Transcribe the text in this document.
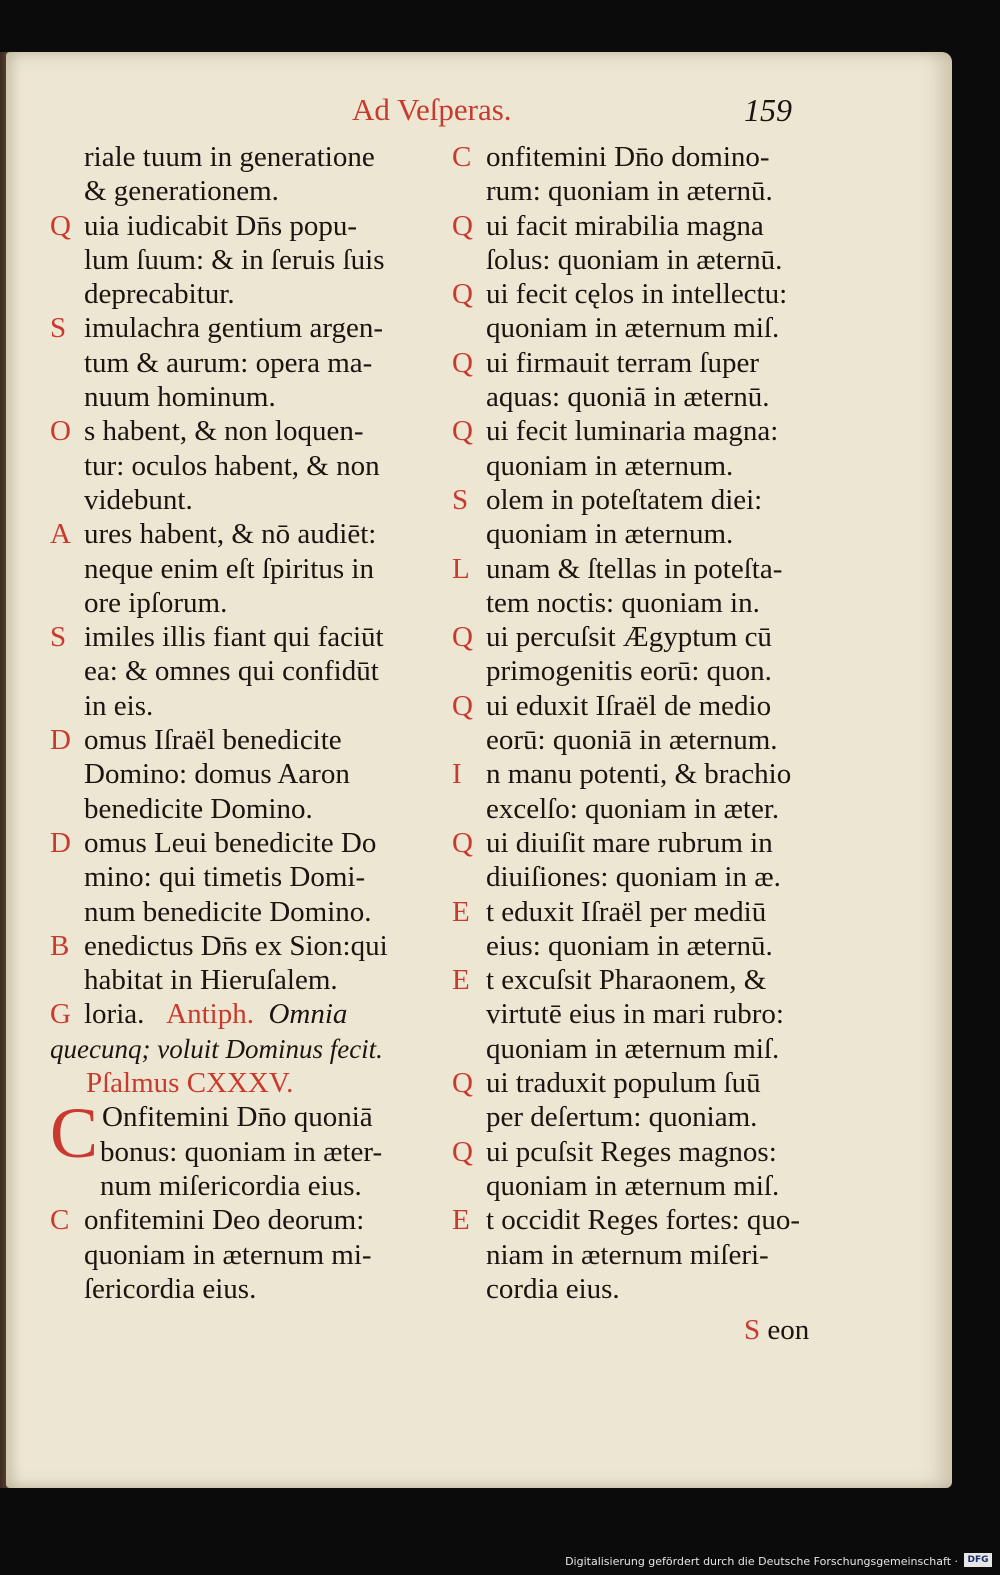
Ad Veſperas.	159
riale tuum in generatione
& generationem.
Q uia iudicabit Dn̄s popu-
lum ſuum: & in ſeruis ſuis
deprecabitur.
S imulachra gentium argen-
tum & aurum: opera ma-
nuum hominum.
O s habent, & non loquen-
tur: oculos habent, & non
videbunt.
A ures habent, & nō audiēt:
neque enim eſt ſpiritus in
ore ipſorum.
S imiles illis fiant qui faciūt
ea: & omnes qui confidūt
in eis.
D omus Iſraël benedicite
Domino: domus Aaron
benedicite Domino.
D omus Leui benedicite Do
mino: qui timetis Domi-
num benedicite Domino.
B enedictus Dn̄s ex Sion:qui
habitat in Hieruſalem.
G loria. Antiph. Omnia
quecunq; voluit Dominus fecit.
Pſalmus CXXXV.
Onfitemini Dn̄o quoniā
bonus: quoniam in æter-
num miſericordia eius.
C onfitemini Deo deorum:
quoniam in æternum mi-
ſericordia eius.
C onfitemini Dn̄o domino-
rum: quoniam in æternū.
Q ui facit mirabilia magna
ſolus: quoniam in æternū.
Q ui fecit cęlos in intellectu:
quoniam in æternum miſ.
Q ui firmauit terram ſuper
aquas: quoniā in æternū.
Q ui fecit luminaria magna:
quoniam in æternum.
S olem in poteſtatem diei:
quoniam in æternum.
L unam & ſtellas in poteſta-
tem noctis: quoniam in.
Q ui percuſsit Ægyptum cū
primogenitis eorū: quon.
Q ui eduxit Iſraël de medio
eorū: quoniā in æternum.
I n manu potenti, & brachio
excelſo: quoniam in æter.
Q ui diuiſit mare rubrum in
diuiſiones: quoniam in æ.
E t eduxit Iſraël per mediū
eius: quoniam in æternū.
E t excuſsit Pharaonem, &
virtutē eius in mari rubro:
quoniam in æternum miſ.
Q ui traduxit populum ſuū
per deſertum: quoniam.
Q ui pcuſsit Reges magnos:
quoniam in æternum miſ.
E t occidit Reges fortes: quo-
niam in æternum miſeri-
cordia eius.
C
S eon
Digitalisierung gefördert durch die Deutsche Forschungsgemeinschaft ·	DFG
